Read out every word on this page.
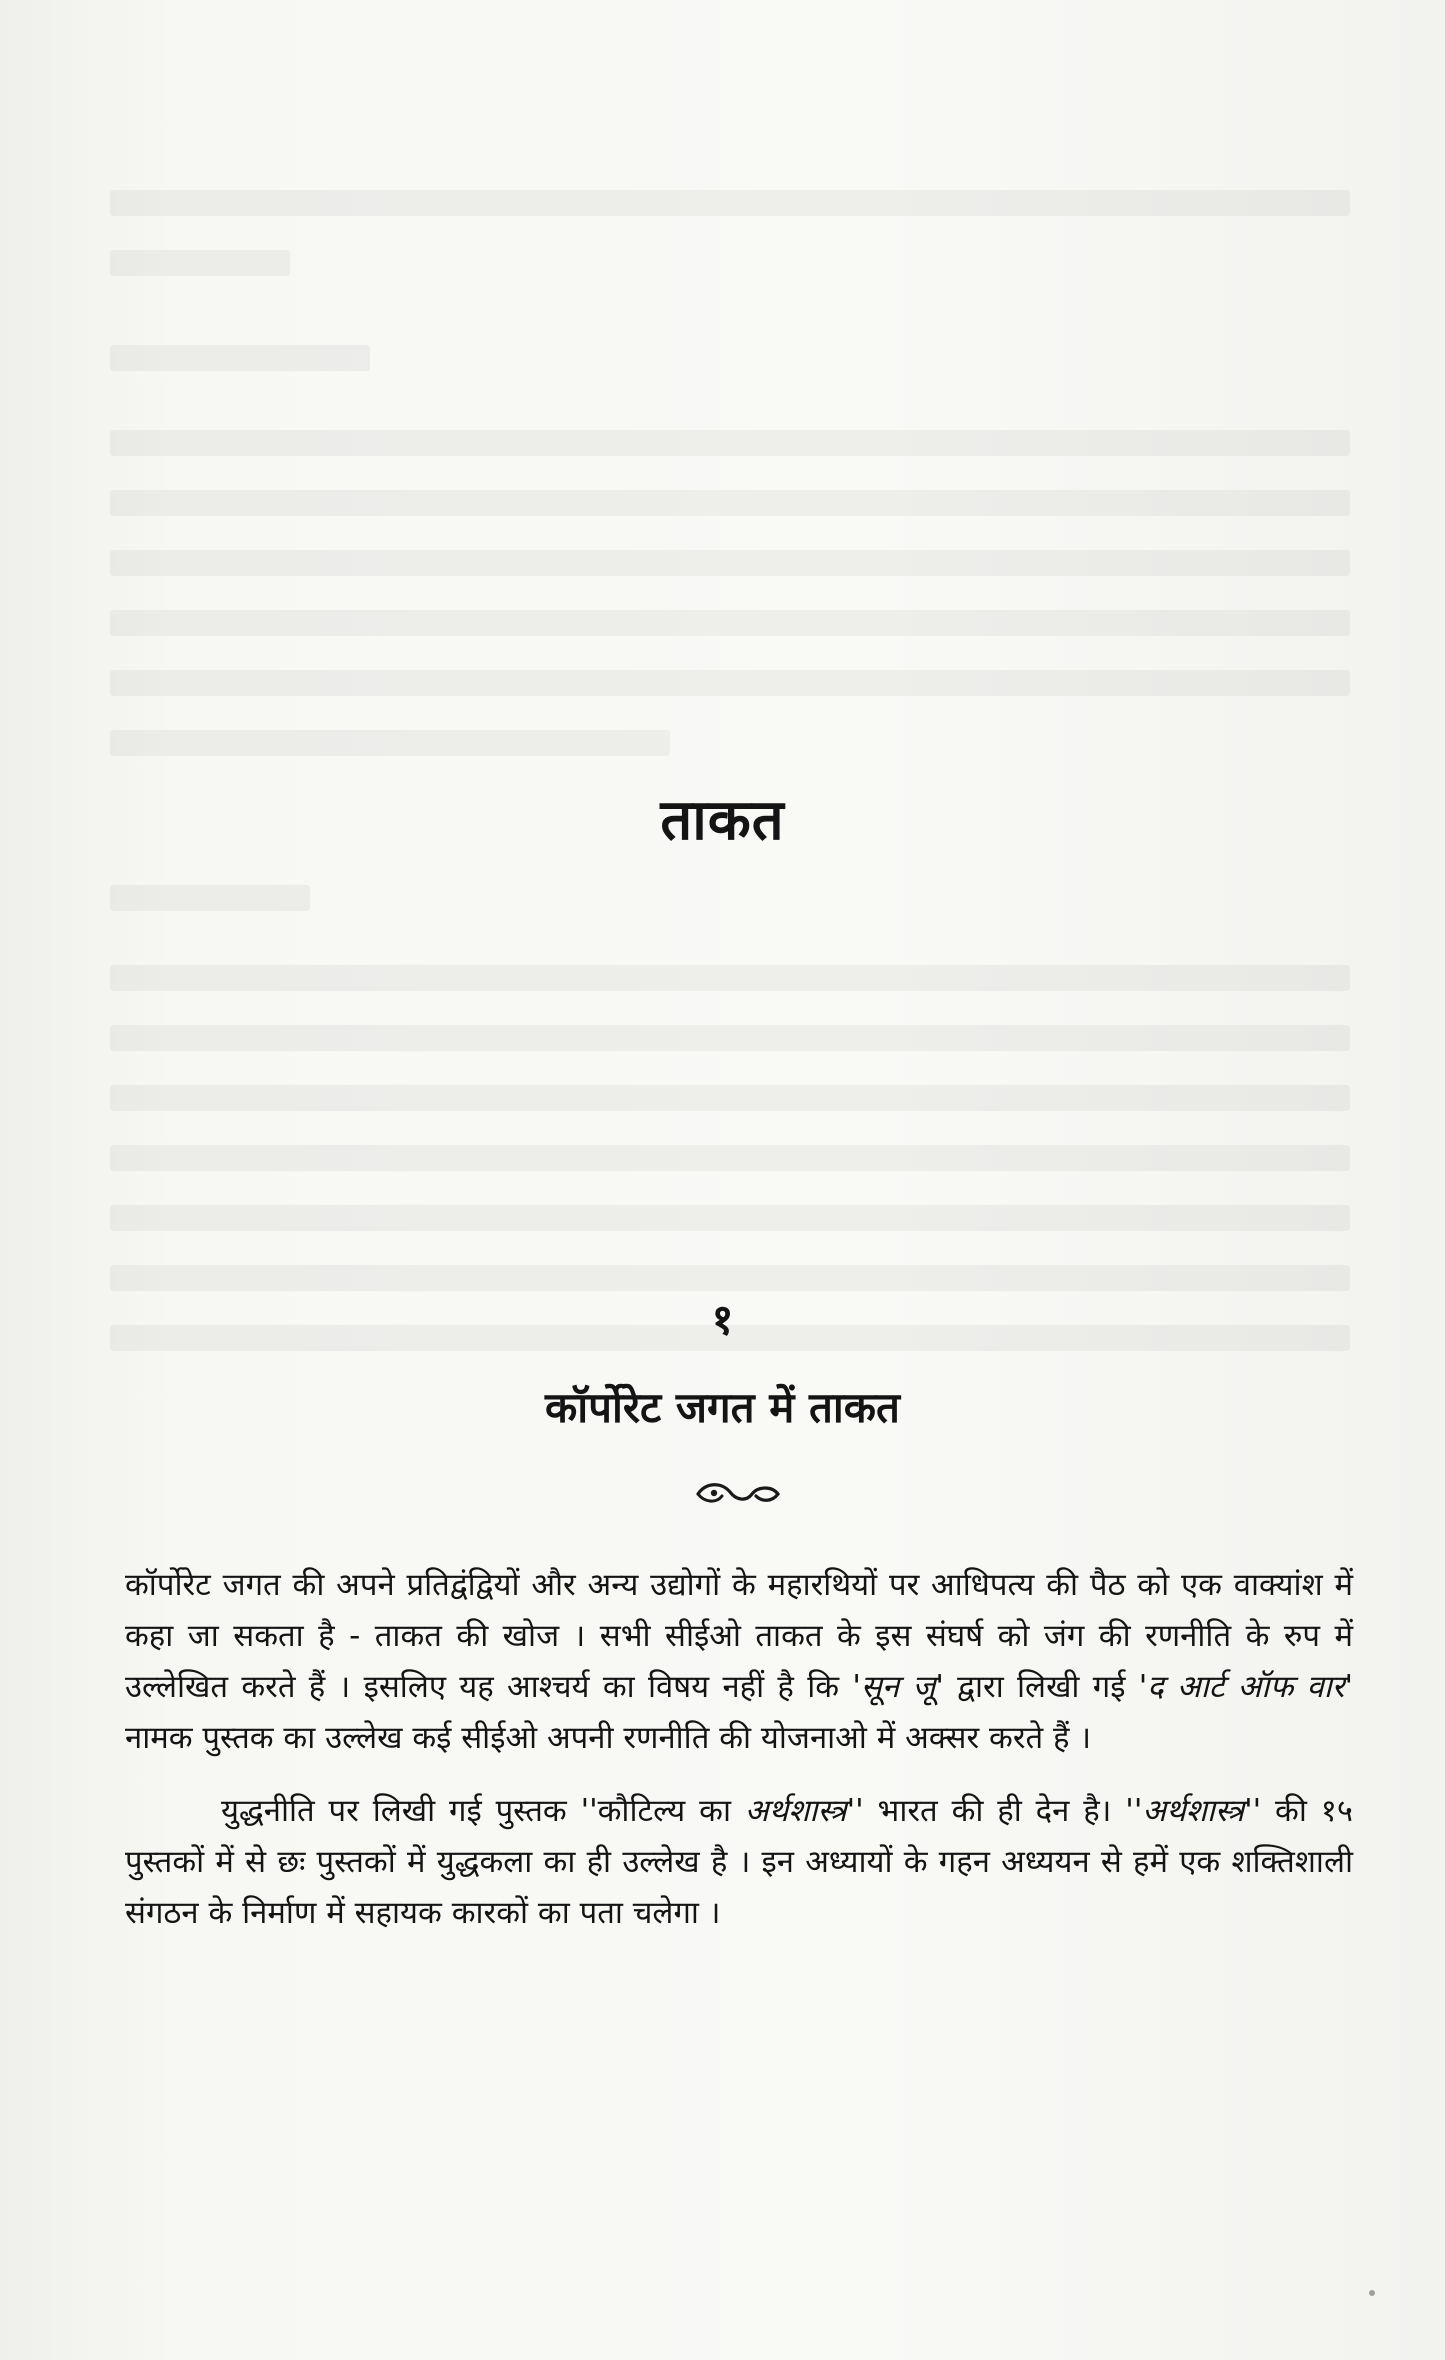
ताकत
१
कॉर्पोरेट जगत में ताकत

कॉर्पोरेट जगत की अपने प्रतिद्वंद्वियों और अन्य उद्योगों के महारथियों पर आधिपत्य की पैठ को एक वाक्यांश में कहा जा सकता है - ताकत की खोज । सभी सीईओ ताकत के इस संघर्ष को जंग की रणनीति के रुप में उल्लेखित करते हैं । इसलिए यह आश्चर्य का विषय नहीं है कि 'सून जू' द्वारा लिखी गई 'द आर्ट ऑफ वार' नामक पुस्तक का उल्लेख कई सीईओ अपनी रणनीति की योजनाओ में अक्सर करते हैं ।

युद्धनीति पर लिखी गई पुस्तक ''कौटिल्य का अर्थशास्त्र'' भारत की ही देन है। ''अर्थशास्त्र'' की १५ पुस्तकों में से छः पुस्तकों में युद्धकला का ही उल्लेख है । इन अध्यायों के गहन अध्ययन से हमें एक शक्तिशाली संगठन के निर्माण में सहायक कारकों का पता चलेगा ।
